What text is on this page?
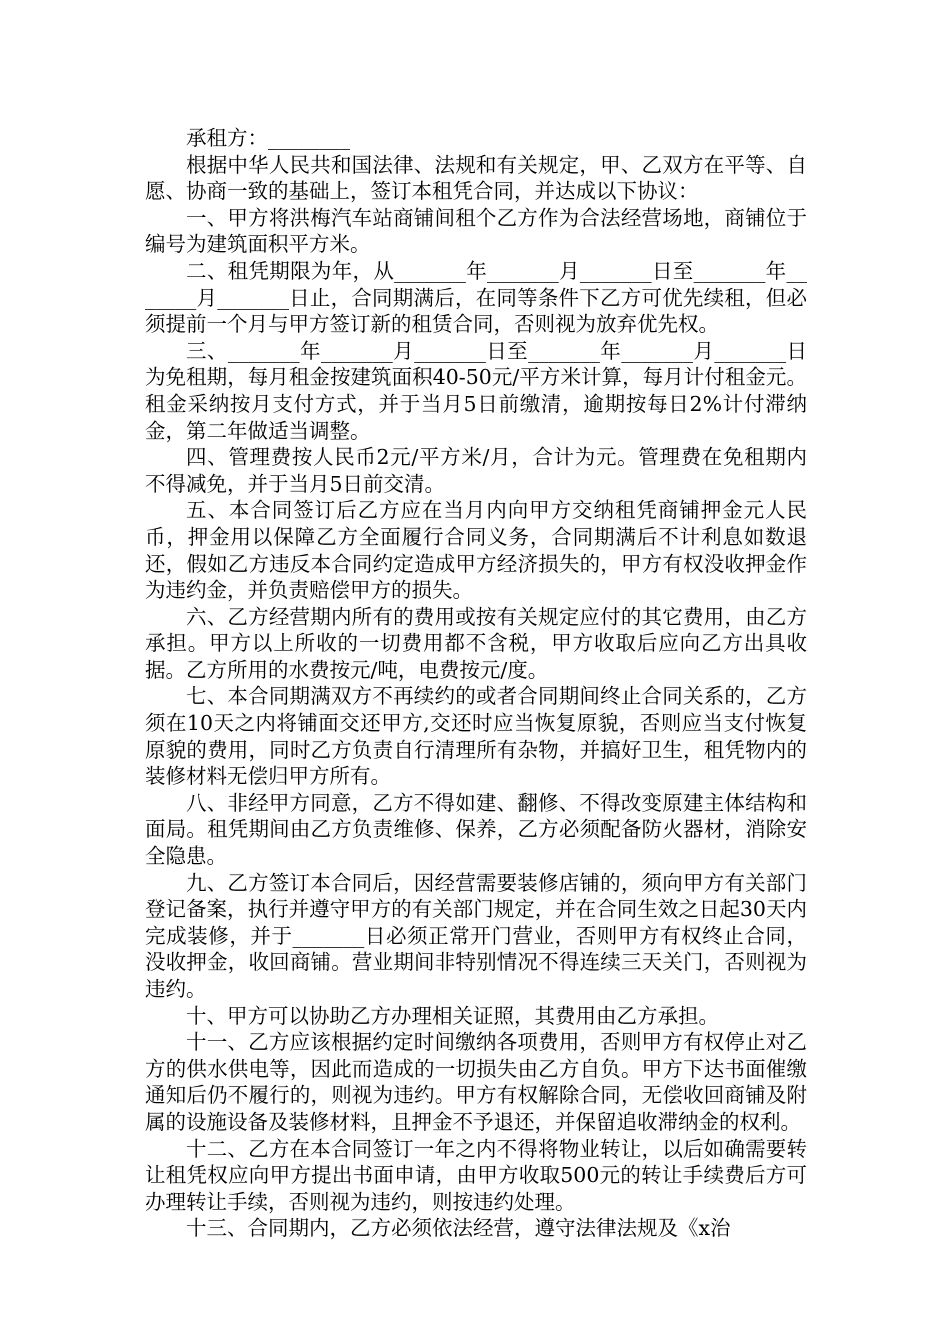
承租方：________

根据中华人民共和国法律、法规和有关规定，甲、乙双方在平等、自愿、协商一致的基础上，签订本租凭合同，并达成以下协议：

一、甲方将洪梅汽车站商铺间租个乙方作为合法经营场地，商铺位于编号为建筑面积平方米。

二、租凭期限为年，从_______年_______月_______日至_______年_______月_______日止，合同期满后，在同等条件下乙方可优先续租，但必须提前一个月与甲方签订新的租赁合同，否则视为放弃优先权。

三、_______年_______月_______日至_______年_______月_______日为免租期，每月租金按建筑面积40-50元/平方米计算，每月计付租金元。租金采纳按月支付方式，并于当月5日前缴清，逾期按每日2%计付滞纳金，第二年做适当调整。

四、管理费按人民币2元/平方米/月，合计为元。管理费在免租期内不得减免，并于当月5日前交清。

五、本合同签订后乙方应在当月内向甲方交纳租凭商铺押金元人民币，押金用以保障乙方全面履行合同义务，合同期满后不计利息如数退还，假如乙方违反本合同约定造成甲方经济损失的，甲方有权没收押金作为违约金，并负责赔偿甲方的损失。

六、乙方经营期内所有的费用或按有关规定应付的其它费用，由乙方承担。甲方以上所收的一切费用都不含税，甲方收取后应向乙方出具收据。乙方所用的水费按元/吨，电费按元/度。

七、本合同期满双方不再续约的或者合同期间终止合同关系的，乙方须在10天之内将铺面交还甲方,交还时应当恢复原貌，否则应当支付恢复原貌的费用，同时乙方负责自行清理所有杂物，并搞好卫生，租凭物内的装修材料无偿归甲方所有。

八、非经甲方同意，乙方不得如建、翻修、不得改变原建主体结构和面局。租凭期间由乙方负责维修、保养，乙方必须配备防火器材，消除安全隐患。

九、乙方签订本合同后，因经营需要装修店铺的，须向甲方有关部门登记备案，执行并遵守甲方的有关部门规定，并在合同生效之日起30天内完成装修，并于_______日必须正常开门营业，否则甲方有权终止合同，没收押金，收回商铺。营业期间非特别情况不得连续三天关门，否则视为违约。

十、甲方可以协助乙方办理相关证照，其费用由乙方承担。

十一、乙方应该根据约定时间缴纳各项费用，否则甲方有权停止对乙方的供水供电等，因此而造成的一切损失由乙方自负。甲方下达书面催缴通知后仍不履行的，则视为违约。甲方有权解除合同，无偿收回商铺及附属的设施设备及装修材料，且押金不予退还，并保留追收滞纳金的权利。

十二、乙方在本合同签订一年之内不得将物业转让，以后如确需要转让租凭权应向甲方提出书面申请，由甲方收取500元的转让手续费后方可办理转让手续，否则视为违约，则按违约处理。

十三、合同期内，乙方必须依法经营，遵守法律法规及《x治
